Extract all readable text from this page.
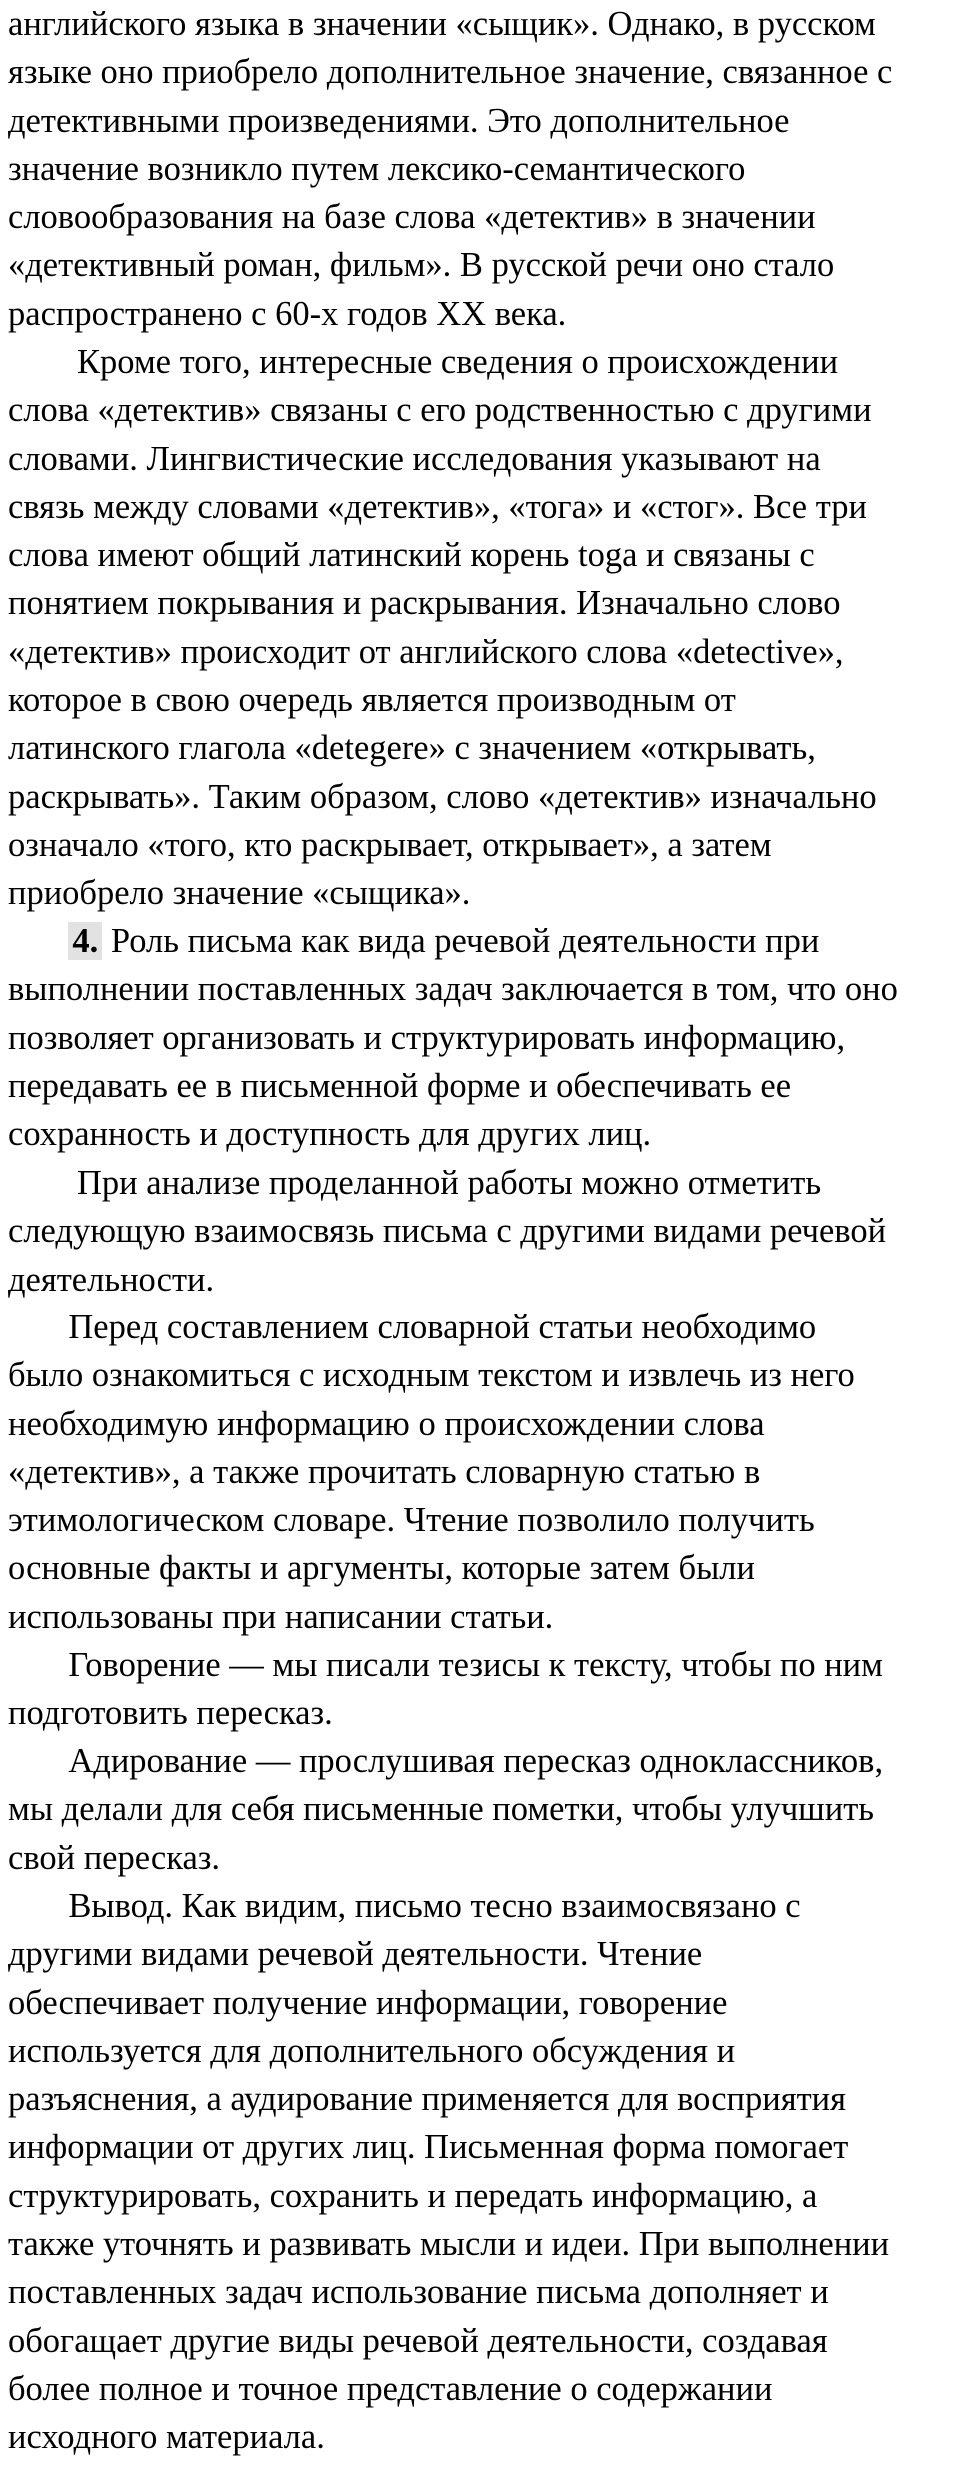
английского языка в значении «сыщик». Однако, в русском
языке оно приобрело дополнительное значение, связанное с
детективными произведениями. Это дополнительное
значение возникло путем лексико-семантического
словообразования на базе слова «детектив» в значении
«детективный роман, фильм». В русской речи оно стало
распространено с 60-х годов XX века.
Кроме того, интересные сведения о происхождении
слова «детектив» связаны с его родственностью с другими
словами. Лингвистические исследования указывают на
связь между словами «детектив», «тога» и «стог». Все три
слова имеют общий латинский корень toga и связаны с
понятием покрывания и раскрывания. Изначально слово
«детектив» происходит от английского слова «detective»,
которое в свою очередь является производным от
латинского глагола «detegere» с значением «открывать,
раскрывать». Таким образом, слово «детектив» изначально
означало «того, кто раскрывает, открывает», а затем
приобрело значение «сыщика».
4. Роль письма как вида речевой деятельности при
выполнении поставленных задач заключается в том, что оно
позволяет организовать и структурировать информацию,
передавать ее в письменной форме и обеспечивать ее
сохранность и доступность для других лиц.
При анализе проделанной работы можно отметить
следующую взаимосвязь письма с другими видами речевой
деятельности.
Перед составлением словарной статьи необходимо
было ознакомиться с исходным текстом и извлечь из него
необходимую информацию о происхождении слова
«детектив», а также прочитать словарную статью в
этимологическом словаре. Чтение позволило получить
основные факты и аргументы, которые затем были
использованы при написании статьи.
Говорение — мы писали тезисы к тексту, чтобы по ним
подготовить пересказ.
Адирование — прослушивая пересказ одноклассников,
мы делали для себя письменные пометки, чтобы улучшить
свой пересказ.
Вывод. Как видим, письмо тесно взаимосвязано с
другими видами речевой деятельности. Чтение
обеспечивает получение информации, говорение
используется для дополнительного обсуждения и
разъяснения, а аудирование применяется для восприятия
информации от других лиц. Письменная форма помогает
структурировать, сохранить и передать информацию, а
также уточнять и развивать мысли и идеи. При выполнении
поставленных задач использование письма дополняет и
обогащает другие виды речевой деятельности, создавая
более полное и точное представление о содержании
исходного материала.
